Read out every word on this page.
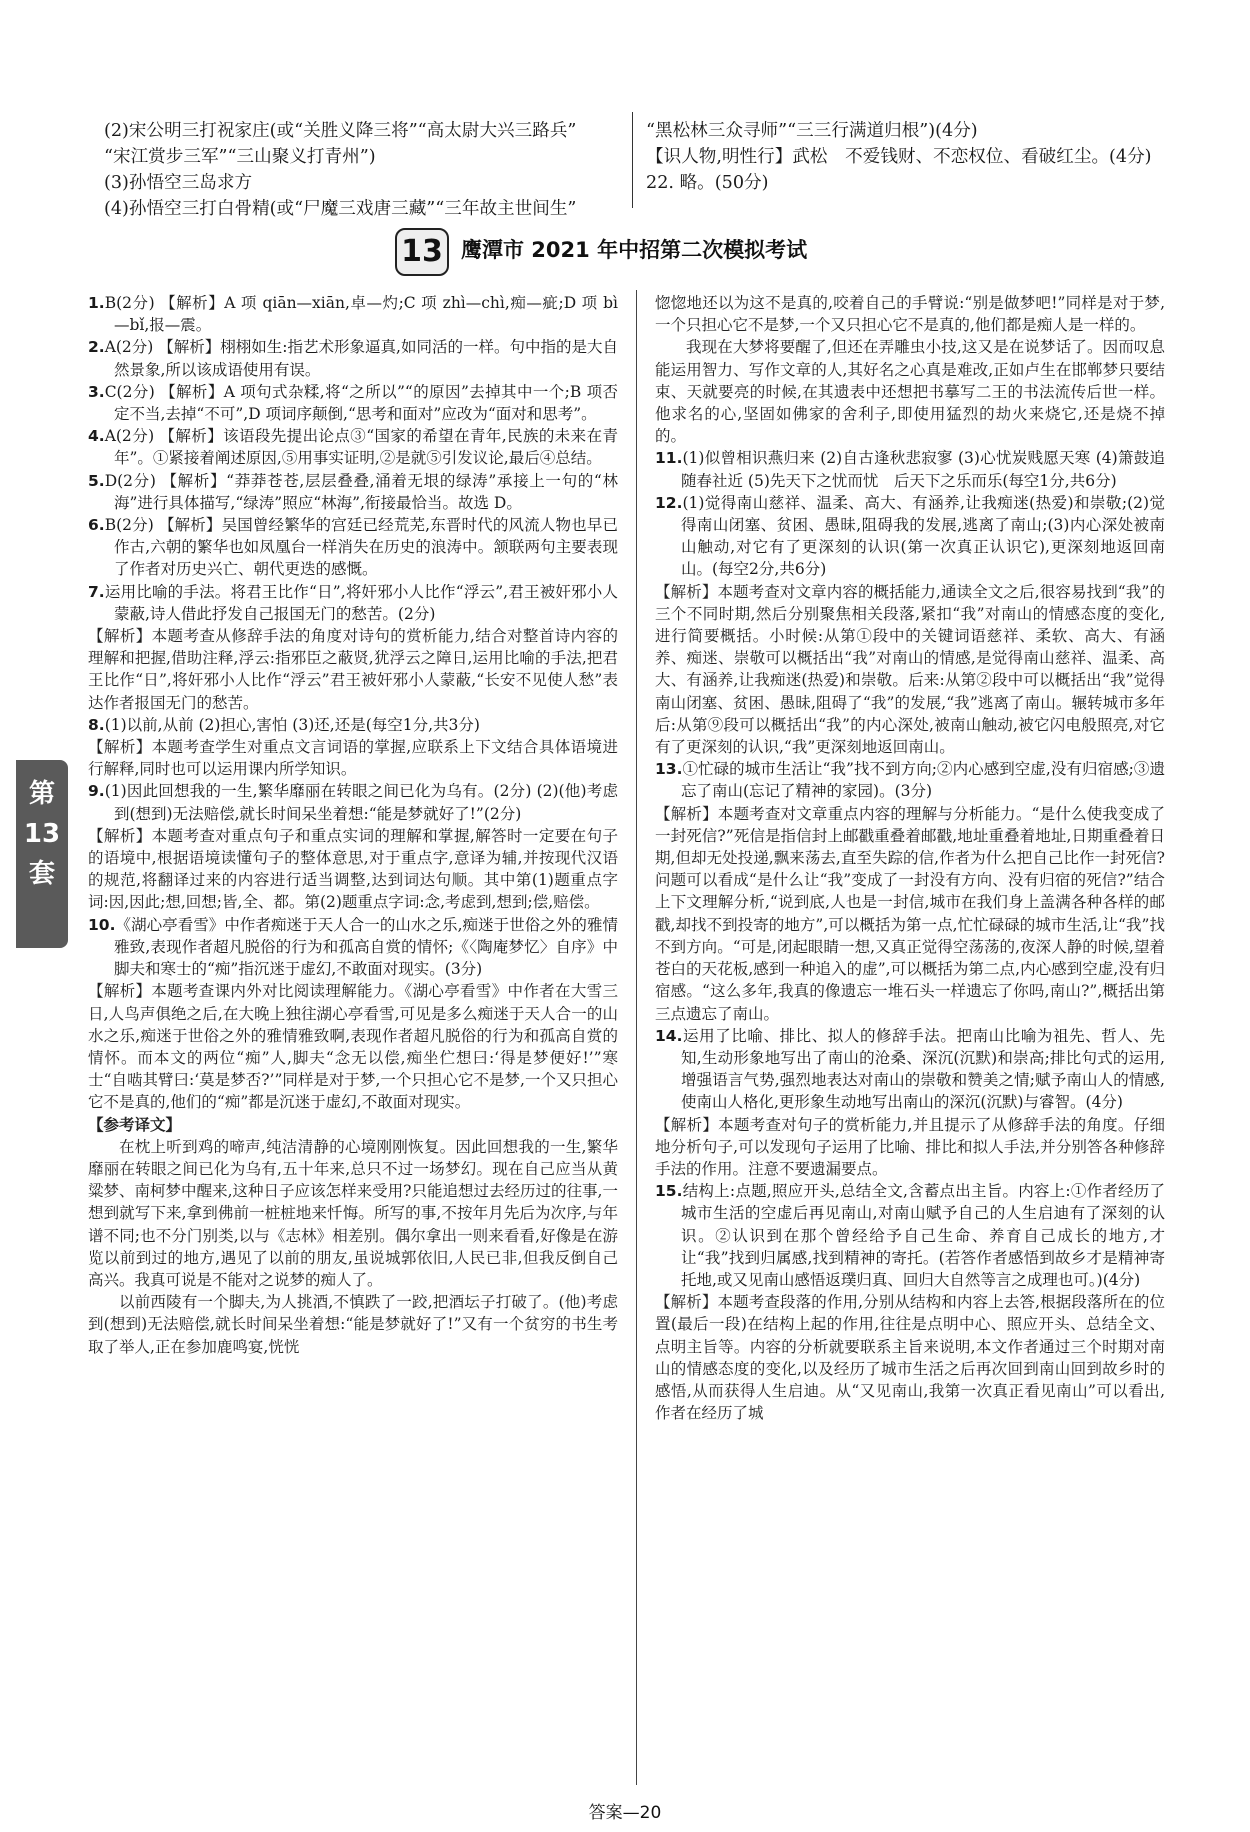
(2)宋公明三打祝家庄(或“关胜义降三将”“高太尉大兴三路兵”

“宋江赏步三军”“三山聚义打青州”)

(3)孙悟空三岛求方

(4)孙悟空三打白骨精(或“尸魔三戏唐三藏”“三年故主世间生”

“黑松林三众寻师”“三三行满道归根”)(4分)

【识人物,明性行】武松　不爱钱财、不恋权位、看破红尘。(4分)

22. 略。(50分)

13 鹰潭市 2021 年中招第二次模拟考试
第
13
套

1.B(2分) 【解析】A 项 qiān—xiān,卓—灼;C 项 zhì—chì,痴—疵;D 项 bì—bǐ,报—震。

2.A(2分) 【解析】栩栩如生:指艺术形象逼真,如同活的一样。句中指的是大自然景象,所以该成语使用有误。

3.C(2分) 【解析】A 项句式杂糅,将“之所以”“的原因”去掉其中一个;B 项否定不当,去掉“不可”,D 项词序颠倒,“思考和面对”应改为“面对和思考”。

4.A(2分) 【解析】该语段先提出论点③“国家的希望在青年,民族的未来在青年”。①紧接着阐述原因,⑤用事实证明,②是就⑤引发议论,最后④总结。

5.D(2分) 【解析】“莽莽苍苍,层层叠叠,涌着无垠的绿涛”承接上一句的“林海”进行具体描写,“绿涛”照应“林海”,衔接最恰当。故选 D。

6.B(2分) 【解析】吴国曾经繁华的宫廷已经荒芜,东晋时代的风流人物也早已作古,六朝的繁华也如凤凰台一样消失在历史的浪涛中。颔联两句主要表现了作者对历史兴亡、朝代更迭的感慨。

7.运用比喻的手法。将君王比作“日”,将奸邪小人比作“浮云”,君王被奸邪小人蒙蔽,诗人借此抒发自己报国无门的愁苦。(2分)

【解析】本题考查从修辞手法的角度对诗句的赏析能力,结合对整首诗内容的理解和把握,借助注释,浮云:指邪臣之蔽贤,犹浮云之障日,运用比喻的手法,把君王比作“日”,将奸邪小人比作“浮云”君王被奸邪小人蒙蔽,“长安不见使人愁”表达作者报国无门的愁苦。

8.(1)以前,从前 (2)担心,害怕 (3)还,还是(每空1分,共3分)

【解析】本题考查学生对重点文言词语的掌握,应联系上下文结合具体语境进行解释,同时也可以运用课内所学知识。

9.(1)因此回想我的一生,繁华靡丽在转眼之间已化为乌有。(2分) (2)(他)考虑到(想到)无法赔偿,就长时间呆坐着想:“能是梦就好了!”(2分)

【解析】本题考查对重点句子和重点实词的理解和掌握,解答时一定要在句子的语境中,根据语境读懂句子的整体意思,对于重点字,意译为辅,并按现代汉语的规范,将翻译过来的内容进行适当调整,达到词达句顺。其中第(1)题重点字词:因,因此;想,回想;皆,全、都。第(2)题重点字词:念,考虑到,想到;偿,赔偿。

10.《湖心亭看雪》中作者痴迷于天人合一的山水之乐,痴迷于世俗之外的雅情雅致,表现作者超凡脱俗的行为和孤高自赏的情怀;《〈陶庵梦忆〉自序》中脚夫和寒士的“痴”指沉迷于虚幻,不敢面对现实。(3分)

【解析】本题考查课内外对比阅读理解能力。《湖心亭看雪》中作者在大雪三日,人鸟声俱绝之后,在大晚上独往湖心亭看雪,可见是多么痴迷于天人合一的山水之乐,痴迷于世俗之外的雅情雅致啊,表现作者超凡脱俗的行为和孤高自赏的情怀。而本文的两位“痴”人,脚夫“念无以偿,痴坐伫想曰:‘得是梦便好!’”寒士“自啮其臂曰:‘莫是梦否?’”同样是对于梦,一个只担心它不是梦,一个又只担心它不是真的,他们的“痴”都是沉迷于虚幻,不敢面对现实。

【参考译文】

在枕上听到鸡的啼声,纯洁清静的心境刚刚恢复。因此回想我的一生,繁华靡丽在转眼之间已化为乌有,五十年来,总只不过一场梦幻。现在自己应当从黄粱梦、南柯梦中醒来,这种日子应该怎样来受用?只能追想过去经历过的往事,一想到就写下来,拿到佛前一桩桩地来忏悔。所写的事,不按年月先后为次序,与年谱不同;也不分门别类,以与《志林》相差别。偶尔拿出一则来看看,好像是在游览以前到过的地方,遇见了以前的朋友,虽说城郭依旧,人民已非,但我反倒自己高兴。我真可说是不能对之说梦的痴人了。

以前西陵有一个脚夫,为人挑酒,不慎跌了一跤,把酒坛子打破了。(他)考虑到(想到)无法赔偿,就长时间呆坐着想:“能是梦就好了!”又有一个贫穷的书生考取了举人,正在参加鹿鸣宴,恍恍

惚惚地还以为这不是真的,咬着自己的手臂说:“别是做梦吧!”同样是对于梦,一个只担心它不是梦,一个又只担心它不是真的,他们都是痴人是一样的。

我现在大梦将要醒了,但还在弄雕虫小技,这又是在说梦话了。因而叹息能运用智力、写作文章的人,其好名之心真是难改,正如卢生在邯郸梦只要结束、天就要亮的时候,在其遗表中还想把书摹写二王的书法流传后世一样。他求名的心,坚固如佛家的舍利子,即使用猛烈的劫火来烧它,还是烧不掉的。

11.(1)似曾相识燕归来 (2)自古逢秋悲寂寥 (3)心忧炭贱愿天寒 (4)箫鼓追随春社近 (5)先天下之忧而忧　后天下之乐而乐(每空1分,共6分)

12.(1)觉得南山慈祥、温柔、高大、有涵养,让我痴迷(热爱)和崇敬;(2)觉得南山闭塞、贫困、愚昧,阻碍我的发展,逃离了南山;(3)内心深处被南山触动,对它有了更深刻的认识(第一次真正认识它),更深刻地返回南山。(每空2分,共6分)

【解析】本题考查对文章内容的概括能力,通读全文之后,很容易找到“我”的三个不同时期,然后分别聚焦相关段落,紧扣“我”对南山的情感态度的变化,进行简要概括。小时候:从第①段中的关键词语慈祥、柔软、高大、有涵养、痴迷、崇敬可以概括出“我”对南山的情感,是觉得南山慈祥、温柔、高大、有涵养,让我痴迷(热爱)和崇敬。后来:从第②段中可以概括出“我”觉得南山闭塞、贫困、愚昧,阻碍了“我”的发展,“我”逃离了南山。辗转城市多年后:从第⑨段可以概括出“我”的内心深处,被南山触动,被它闪电般照亮,对它有了更深刻的认识,“我”更深刻地返回南山。

13.①忙碌的城市生活让“我”找不到方向;②内心感到空虚,没有归宿感;③遗忘了南山(忘记了精神的家园)。(3分)

【解析】本题考查对文章重点内容的理解与分析能力。“是什么使我变成了一封死信?”死信是指信封上邮戳重叠着邮戳,地址重叠着地址,日期重叠着日期,但却无处投递,飘来荡去,直至失踪的信,作者为什么把自己比作一封死信?问题可以看成“是什么让“我”变成了一封没有方向、没有归宿的死信?”结合上下文理解分析,“说到底,人也是一封信,城市在我们身上盖满各种各样的邮戳,却找不到投寄的地方”,可以概括为第一点,忙忙碌碌的城市生活,让“我”找不到方向。“可是,闭起眼睛一想,又真正觉得空荡荡的,夜深人静的时候,望着苍白的天花板,感到一种追入的虚”,可以概括为第二点,内心感到空虚,没有归宿感。“这么多年,我真的像遗忘一堆石头一样遗忘了你吗,南山?”,概括出第三点遗忘了南山。

14.运用了比喻、排比、拟人的修辞手法。把南山比喻为祖先、哲人、先知,生动形象地写出了南山的沧桑、深沉(沉默)和崇高;排比句式的运用,增强语言气势,强烈地表达对南山的崇敬和赞美之情;赋予南山人的情感,使南山人格化,更形象生动地写出南山的深沉(沉默)与睿智。(4分)

【解析】本题考查对句子的赏析能力,并且提示了从修辞手法的角度。仔细地分析句子,可以发现句子运用了比喻、排比和拟人手法,并分别答各种修辞手法的作用。注意不要遗漏要点。

15.结构上:点题,照应开头,总结全文,含蓄点出主旨。内容上:①作者经历了城市生活的空虚后再见南山,对南山赋予自己的人生启迪有了深刻的认识。②认识到在那个曾经给予自己生命、养育自己成长的地方,才让“我”找到归属感,找到精神的寄托。(若答作者感悟到故乡才是精神寄托地,或又见南山感悟返璞归真、回归大自然等言之成理也可。)(4分)

【解析】本题考查段落的作用,分别从结构和内容上去答,根据段落所在的位置(最后一段)在结构上起的作用,往往是点明中心、照应开头、总结全文、点明主旨等。内容的分析就要联系主旨来说明,本文作者通过三个时期对南山的情感态度的变化,以及经历了城市生活之后再次回到南山回到故乡时的感悟,从而获得人生启迪。从“又见南山,我第一次真正看见南山”可以看出,作者在经历了城

答案—20
